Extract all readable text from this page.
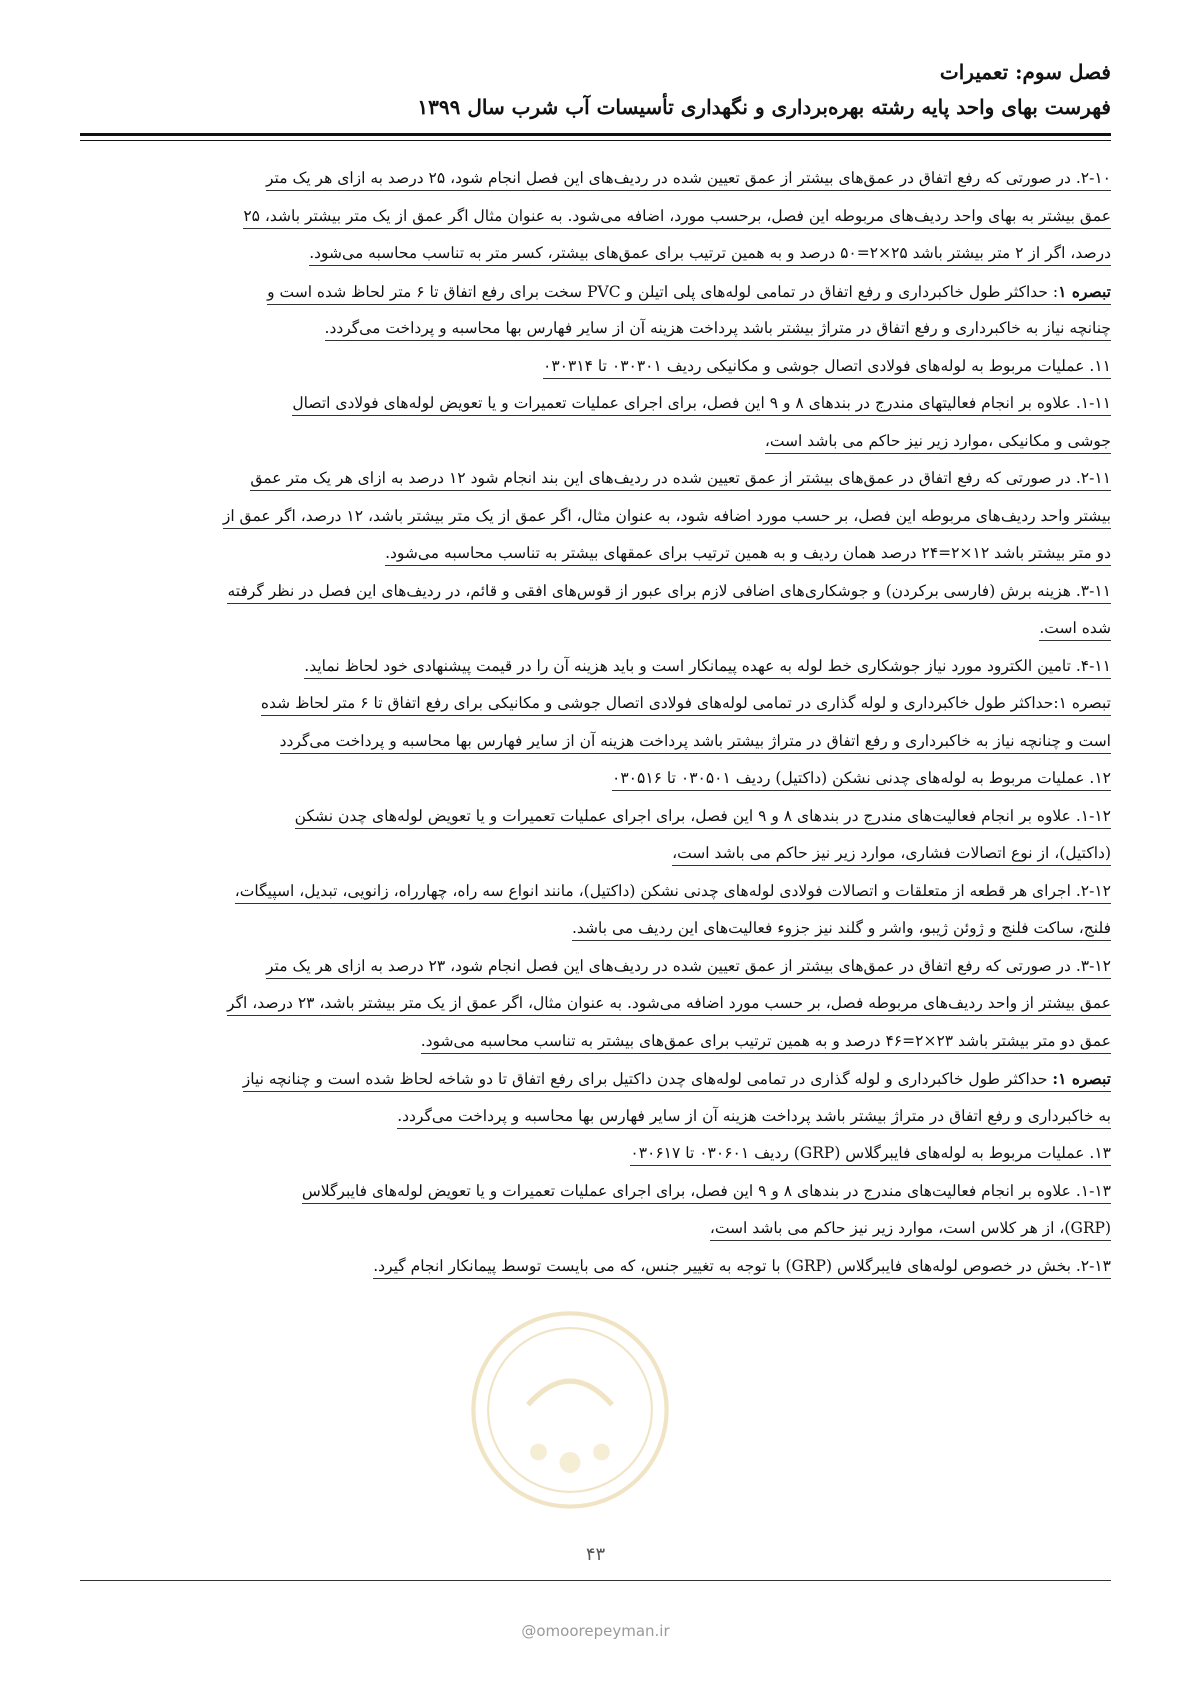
فصل سوم: تعمیرات
فهرست بهای واحد پایه رشته بهره‌برداری و نگهداری تأسیسات آب شرب سال ۱۳۹۹
۲-۱۰. در صورتی که رفع اتفاق در عمق‌های بیشتر از عمق تعیین شده در ردیف‌های این فصل انجام شود، ۲۵ درصد به ازای هر یک متر
عمق بیشتر به بهای واحد ردیف‌های مربوطه این فصل، برحسب مورد، اضافه می‌شود. به عنوان مثال اگر عمق از یک متر بیشتر باشد، ۲۵
درصد، اگر از ۲ متر بیشتر باشد ۲۵×۲=۵۰ درصد و به همین ترتیب برای عمق‌های بیشتر، کسر متر به تناسب محاسبه می‌شود.
تبصره ۱: حداکثر طول خاکبرداری و رفع اتفاق در تمامی لوله‌های پلی اتیلن و PVC سخت برای رفع اتفاق تا ۶ متر لحاظ شده است و
چنانچه نیاز به خاکبرداری و رفع اتفاق در متراژ بیشتر باشد پرداخت هزینه آن از سایر فهارس بها محاسبه و پرداخت می‌گردد.
۱۱. عملیات مربوط به لوله‌های فولادی اتصال جوشی و مکانیکی ردیف ۰۳۰۳۰۱ تا ۰۳۰۳۱۴
۱-۱۱. علاوه بر انجام فعالیتهای مندرج در بندهای ۸ و ۹ این فصل، برای اجرای عملیات تعمیرات و یا تعویض لوله‌های فولادی اتصال
جوشی و مکانیکی ،موارد زیر نیز حاکم می باشد است،
۲-۱۱. در صورتی که رفع اتفاق در عمق‌های بیشتر از عمق تعیین شده در ردیف‌های این بند انجام شود ۱۲ درصد به ازای هر یک متر عمق
بیشتر واحد ردیف‌های مربوطه این فصل، بر حسب مورد اضافه شود، به عنوان مثال، اگر عمق از یک متر بیشتر باشد، ۱۲ درصد، اگر عمق از
دو متر بیشتر باشد ۱۲×۲=۲۴ درصد همان ردیف و به همین ترتیب برای عمقهای بیشتر به تناسب محاسبه می‌شود.
۳-۱۱. هزینه برش (فارسی برکردن) و جوشکاری‌های اضافی لازم برای عبور از قوس‌های افقی و قائم، در ردیف‌های این فصل در نظر گرفته
شده است.
۴-۱۱. تامین الکترود مورد نیاز جوشکاری خط لوله به عهده پیمانکار است و باید هزینه آن را در قیمت پیشنهادی خود لحاظ نماید.
تبصره ۱:حداکثر طول خاکبرداری و لوله گذاری در تمامی لوله‌های فولادی اتصال جوشی و مکانیکی برای رفع اتفاق تا ۶ متر لحاظ شده
است و چنانچه نیاز به خاکبرداری و رفع اتفاق در متراژ بیشتر باشد پرداخت هزینه آن از سایر فهارس بها محاسبه و پرداخت می‌گردد
۱۲. عملیات مربوط به لوله‌های چدنی نشکن (داکتیل) ردیف ۰۳۰۵۰۱ تا ۰۳۰۵۱۶
۱-۱۲. علاوه بر انجام فعالیت‌های مندرج در بندهای ۸ و ۹ این فصل، برای اجرای عملیات تعمیرات و یا تعویض لوله‌های چدن نشکن
(داکتیل)، از نوع اتصالات فشاری، موارد زیر نیز حاکم می باشد است،
۲-۱۲. اجرای هر قطعه از متعلقات و اتصالات فولادی لوله‌های چدنی نشکن (داکتیل)، مانند انواع سه راه، چهارراه، زانویی، تبدیل، اسپیگات،
فلنج، ساکت فلنج و ژوئن ژیبو، واشر و گلند نیز جزوء فعالیت‌های این ردیف می باشد.
۳-۱۲. در صورتی که رفع اتفاق در عمق‌های بیشتر از عمق تعیین شده در ردیف‌های این فصل انجام شود، ۲۳ درصد به ازای هر یک متر
عمق بیشتر از واحد ردیف‌های مربوطه فصل، بر حسب مورد اضافه می‌شود. به عنوان مثال، اگر عمق از یک متر بیشتر باشد، ۲۳ درصد، اگر
عمق دو متر بیشتر باشد ۲۳×۲=۴۶ درصد و به همین ترتیب برای عمق‌های بیشتر به تناسب محاسبه می‌شود.
تبصره ۱: حداکثر طول خاکبرداری و لوله گذاری در تمامی لوله‌های چدن داکتیل برای رفع اتفاق تا دو شاخه لحاظ شده است و چنانچه نیاز
به خاکبرداری و رفع اتفاق در متراژ بیشتر باشد پرداخت هزینه آن از سایر فهارس بها محاسبه و پرداخت می‌گردد.
۱۳. عملیات مربوط به لوله‌های فایبرگلاس (GRP) ردیف ۰۳۰۶۰۱ تا ۰۳۰۶۱۷
۱-۱۳. علاوه بر انجام فعالیت‌های مندرج در بندهای ۸ و ۹ این فصل، برای اجرای عملیات تعمیرات و یا تعویض لوله‌های فایبرگلاس
(GRP)، از هر کلاس است، موارد زیر نیز حاکم می باشد است،
۲-۱۳. بخش در خصوص لوله‌های فایبرگلاس (GRP) با توجه به تغییر جنس، که می بایست توسط پیمانکار انجام گیرد.
۴۳
@omoorepeyman.ir
